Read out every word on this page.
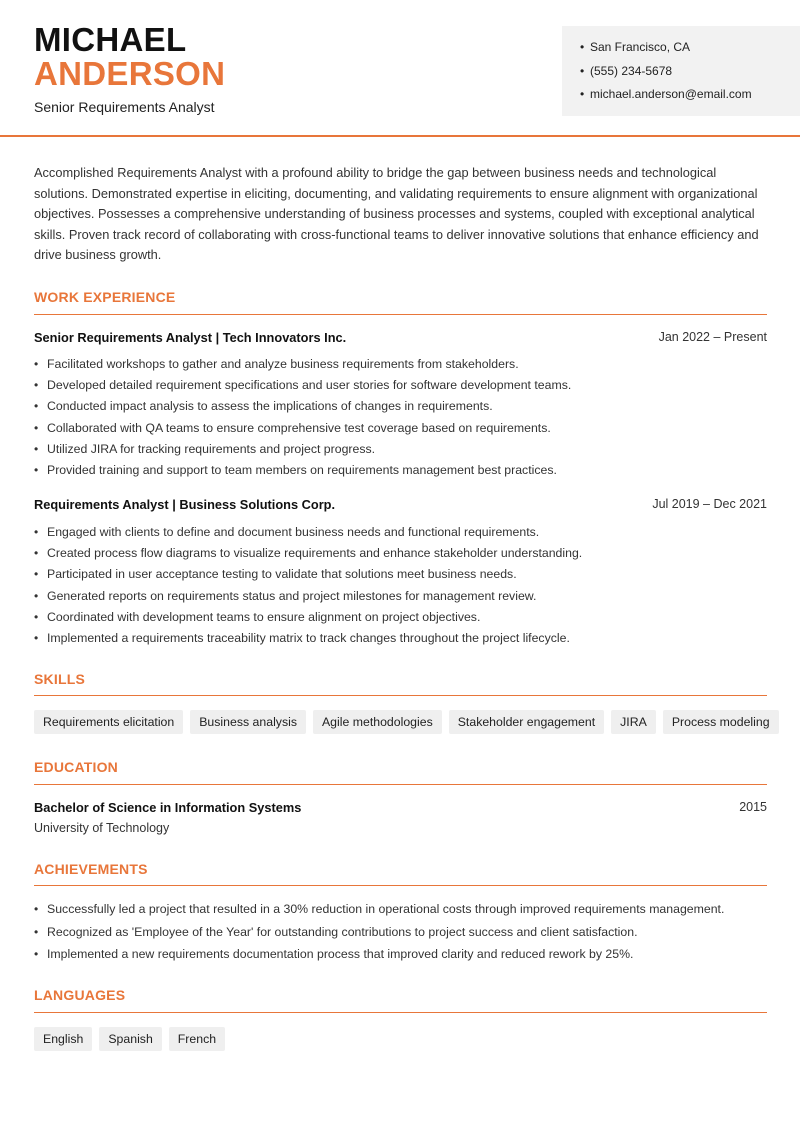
MICHAEL
ANDERSON
Senior Requirements Analyst
• San Francisco, CA
• (555) 234-5678
• michael.anderson@email.com

Accomplished Requirements Analyst with a profound ability to bridge the gap between business needs and technological solutions. Demonstrated expertise in eliciting, documenting, and validating requirements to ensure alignment with organizational objectives. Possesses a comprehensive understanding of business processes and systems, coupled with exceptional analytical skills. Proven track record of collaborating with cross-functional teams to deliver innovative solutions that enhance efficiency and drive business growth.

WORK EXPERIENCE
Senior Requirements Analyst | Tech Innovators Inc.	Jan 2022 – Present
• Facilitated workshops to gather and analyze business requirements from stakeholders.
• Developed detailed requirement specifications and user stories for software development teams.
• Conducted impact analysis to assess the implications of changes in requirements.
• Collaborated with QA teams to ensure comprehensive test coverage based on requirements.
• Utilized JIRA for tracking requirements and project progress.
• Provided training and support to team members on requirements management best practices.
Requirements Analyst | Business Solutions Corp.	Jul 2019 – Dec 2021
• Engaged with clients to define and document business needs and functional requirements.
• Created process flow diagrams to visualize requirements and enhance stakeholder understanding.
• Participated in user acceptance testing to validate that solutions meet business needs.
• Generated reports on requirements status and project milestones for management review.
• Coordinated with development teams to ensure alignment on project objectives.
• Implemented a requirements traceability matrix to track changes throughout the project lifecycle.
SKILLS
Requirements elicitation	Business analysis	Agile methodologies	Stakeholder engagement	JIRA	Process modeling
EDUCATION
Bachelor of Science in Information Systems	2015
University of Technology
ACHIEVEMENTS
• Successfully led a project that resulted in a 30% reduction in operational costs through improved requirements management.
• Recognized as 'Employee of the Year' for outstanding contributions to project success and client satisfaction.
• Implemented a new requirements documentation process that improved clarity and reduced rework by 25%.
LANGUAGES
English	Spanish	French
